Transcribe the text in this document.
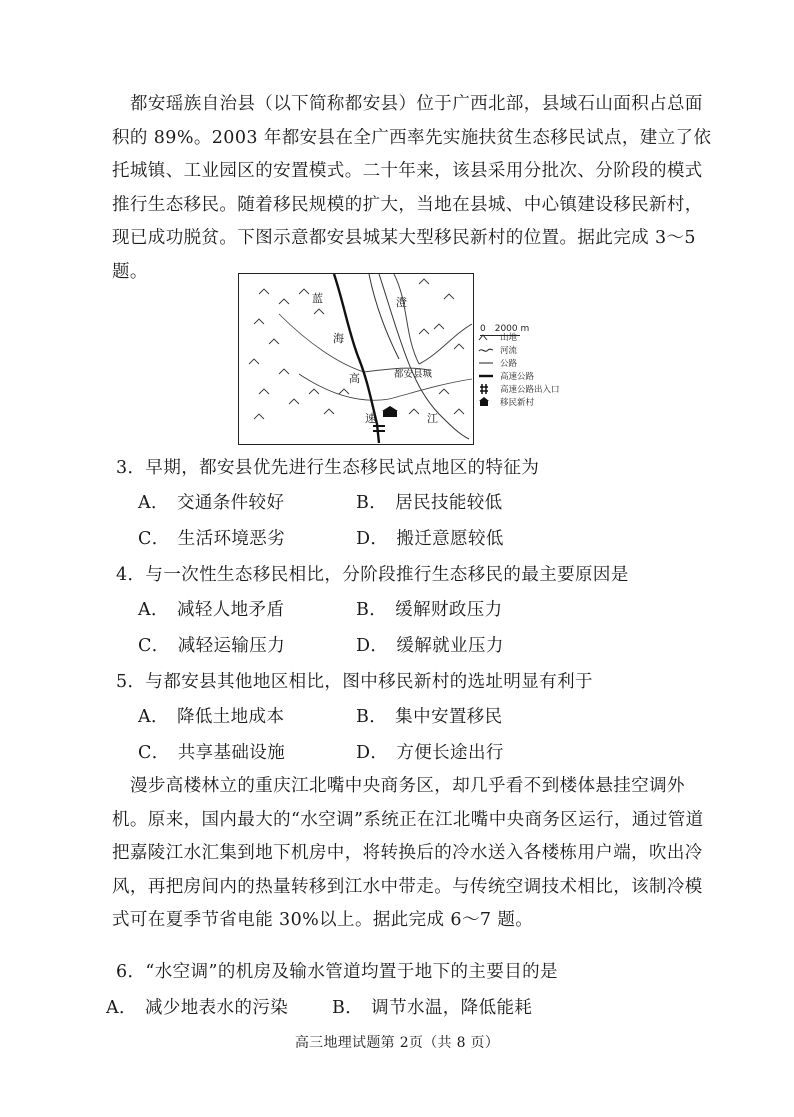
都安瑶族自治县（以下简称都安县）位于广西北部，县域石山面积占总面积的 89%。2003 年都安县在全广西率先实施扶贫生态移民试点，建立了依托城镇、工业园区的安置模式。二十年来，该县采用分批次、分阶段的模式推行生态移民。随着移民规模的扩大，当地在县城、中心镇建设移民新村，现已成功脱贫。下图示意都安县城某大型移民新村的位置。据此完成 3～5 题。

蓝
海
高
速
澄
江
都安县城
0　2000 m
山地
河流
公路
高速公路
高速公路出入口
移民新村
3．早期，都安县优先进行生态移民试点地区的特征为
A． 交通条件较好	B． 居民技能较低
C． 生活环境恶劣	D． 搬迁意愿较低
4．与一次性生态移民相比，分阶段推行生态移民的最主要原因是
A． 减轻人地矛盾	B． 缓解财政压力
C． 减轻运输压力	D． 缓解就业压力
5．与都安县其他地区相比，图中移民新村的选址明显有利于
A． 降低土地成本	B． 集中安置移民
C． 共享基础设施	D． 方便长途出行

漫步高楼林立的重庆江北嘴中央商务区，却几乎看不到楼体悬挂空调外机。原来，国内最大的“水空调”系统正在江北嘴中央商务区运行，通过管道把嘉陵江水汇集到地下机房中，将转换后的冷水送入各楼栋用户端，吹出冷风，再把房间内的热量转移到江水中带走。与传统空调技术相比，该制冷模式可在夏季节省电能 30%以上。据此完成 6～7 题。

6．“水空调”的机房及输水管道均置于地下的主要目的是
A． 减少地表水的污染	B． 调节水温，降低能耗
高三地理试题第 2页（共 8 页）
